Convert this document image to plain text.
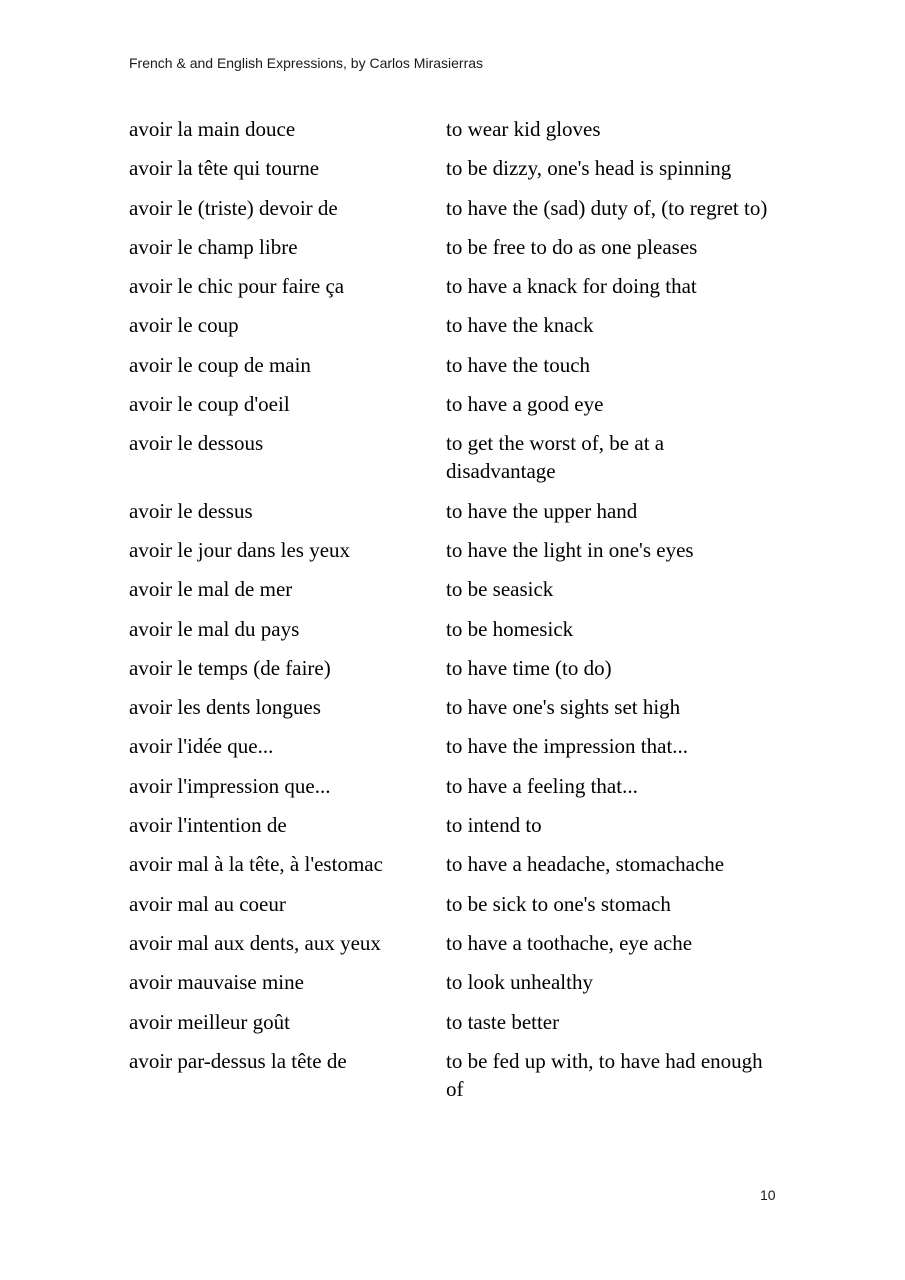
French & and English Expressions, by Carlos Mirasierras
avoir la main douce	to wear kid gloves
avoir la tête qui tourne	to be dizzy, one's head is spinning
avoir le (triste) devoir de	to have the (sad) duty of, (to regret to)
avoir le champ libre	to be free to do as one pleases
avoir le chic pour faire ça	to have a knack for doing that
avoir le coup	to have the knack
avoir le coup de main	to have the touch
avoir le coup d'oeil	to have a good eye
avoir le dessous	to get the worst of, be at a disadvantage
avoir le dessus	to have the upper hand
avoir le jour dans les yeux	to have the light in one's eyes
avoir le mal de mer	to be seasick
avoir le mal du pays	to be homesick
avoir le temps (de faire)	to have time (to do)
avoir les dents longues	to have one's sights set high
avoir l'idée que...	to have the impression that...
avoir l'impression que...	to have a feeling that...
avoir l'intention de	to intend to
avoir mal à la tête, à l'estomac	to have a headache, stomachache
avoir mal au coeur	to be sick to one's stomach
avoir mal aux dents, aux yeux	to have a toothache, eye ache
avoir mauvaise mine	to look unhealthy
avoir meilleur goût	to taste better
avoir par-dessus la tête de	to be fed up with, to have had enough of
10
